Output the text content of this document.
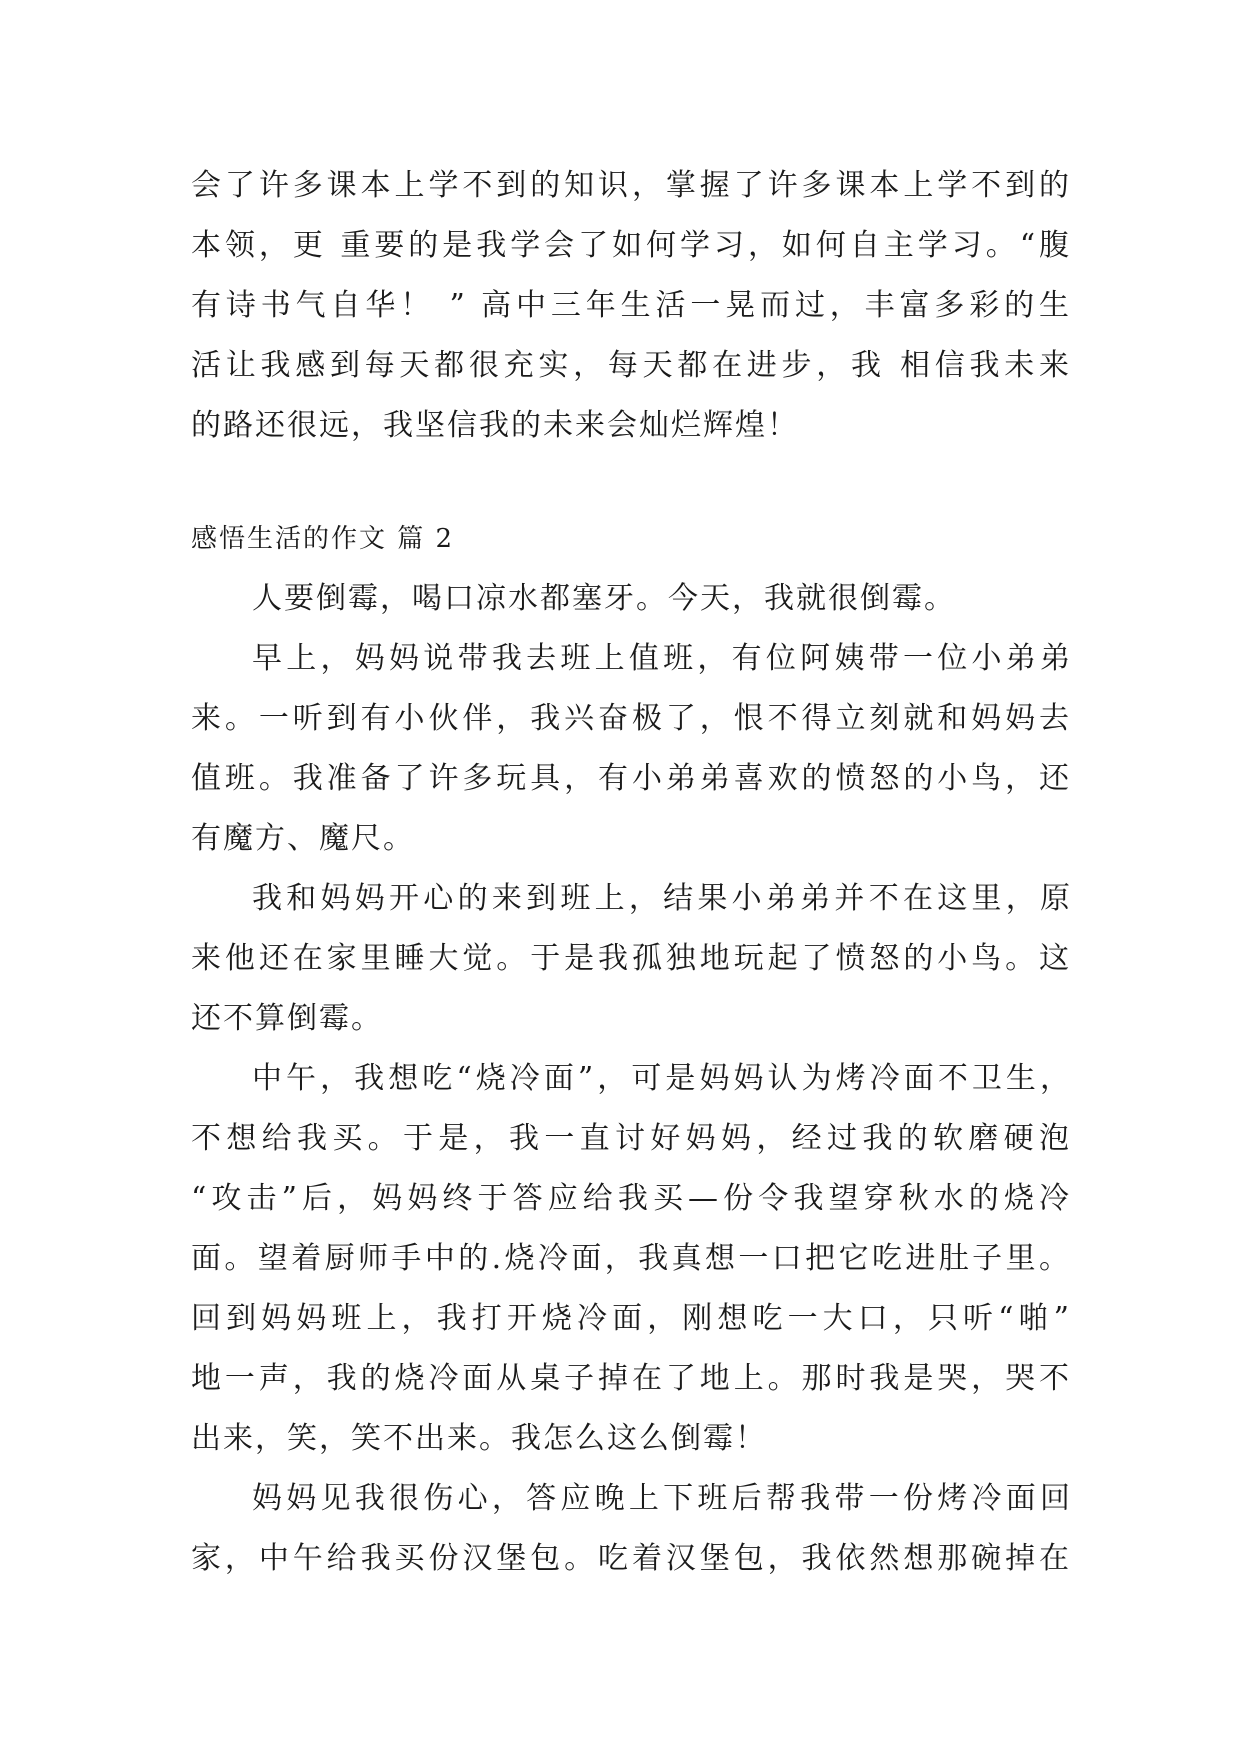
会了许多课本上学不到的知识，掌握了许多课本上学不到的
本领，更 重要的是我学会了如何学习，如何自主学习。“腹
有诗书气自华！ ” 高中三年生活一晃而过，丰富多彩的生
活让我感到每天都很充实，每天都在进步，我 相信我未来
的路还很远，我坚信我的未来会灿烂辉煌！
感悟生活的作文 篇 2
人要倒霉，喝口凉水都塞牙。今天，我就很倒霉。
早上，妈妈说带我去班上值班，有位阿姨带一位小弟弟
来。一听到有小伙伴，我兴奋极了，恨不得立刻就和妈妈去
值班。我准备了许多玩具，有小弟弟喜欢的愤怒的小鸟，还
有魔方、魔尺。
我和妈妈开心的来到班上，结果小弟弟并不在这里，原
来他还在家里睡大觉。于是我孤独地玩起了愤怒的小鸟。这
还不算倒霉。
中午，我想吃“烧冷面”，可是妈妈认为烤冷面不卫生，
不想给我买。于是，我一直讨好妈妈，经过我的软磨硬泡
“攻击”后，妈妈终于答应给我买—份令我望穿秋水的烧冷
面。望着厨师手中的.烧冷面，我真想一口把它吃进肚子里。
回到妈妈班上，我打开烧冷面，刚想吃一大口，只听“啪”
地一声，我的烧冷面从桌子掉在了地上。那时我是哭，哭不
出来，笑，笑不出来。我怎么这么倒霉！
妈妈见我很伤心，答应晚上下班后帮我带一份烤冷面回
家，中午给我买份汉堡包。吃着汉堡包，我依然想那碗掉在
